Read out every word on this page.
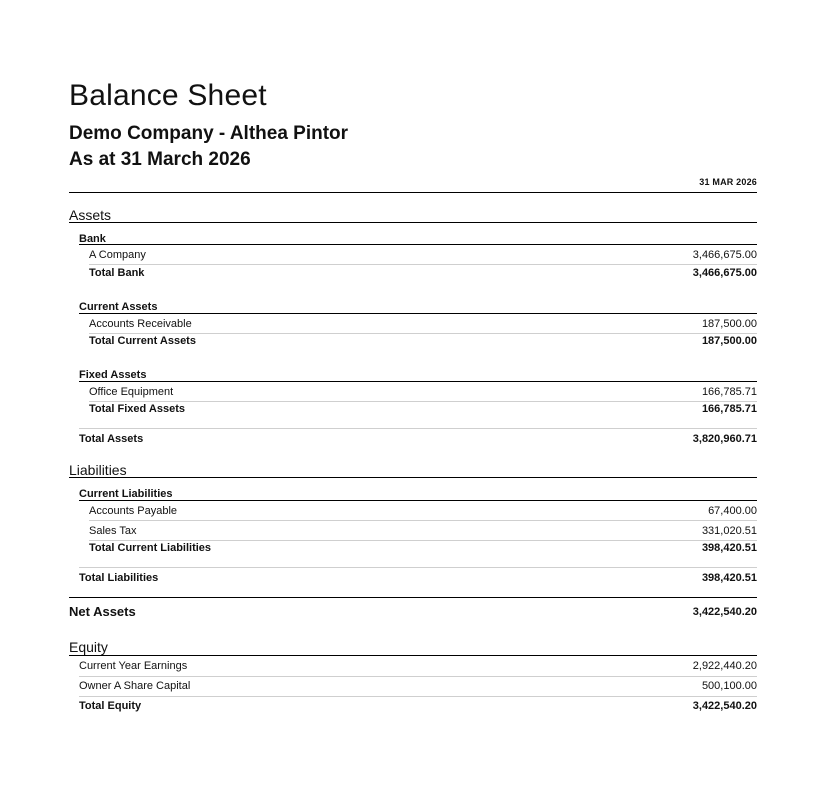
Balance Sheet
Demo Company - Althea Pintor
As at 31 March 2026
31 MAR 2026
Assets
Bank
A Company	3,466,675.00
Total Bank	3,466,675.00
Current Assets
Accounts Receivable	187,500.00
Total Current Assets	187,500.00
Fixed Assets
Office Equipment	166,785.71
Total Fixed Assets	166,785.71
Total Assets	3,820,960.71
Liabilities
Current Liabilities
Accounts Payable	67,400.00
Sales Tax	331,020.51
Total Current Liabilities	398,420.51
Total Liabilities	398,420.51
Net Assets	3,422,540.20
Equity
Current Year Earnings	2,922,440.20
Owner A Share Capital	500,100.00
Total Equity	3,422,540.20
